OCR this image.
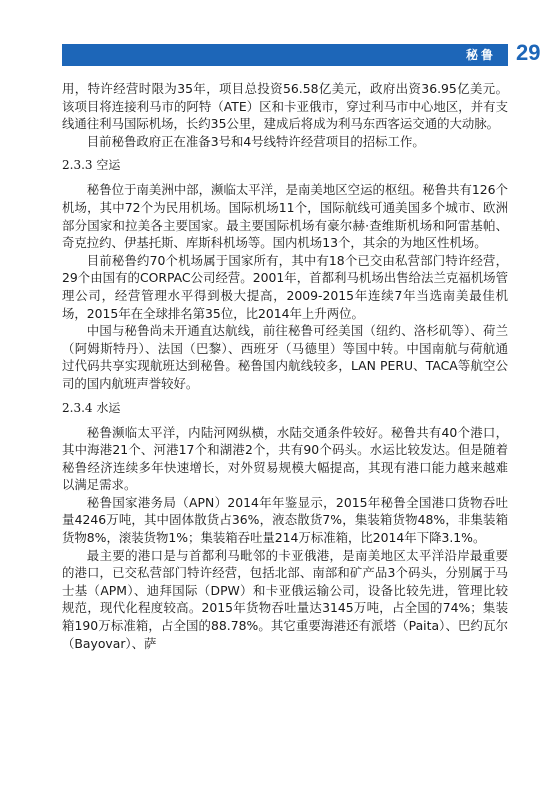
秘鲁 29

用，特许经营时限为35年，项目总投资56.58亿美元，政府出资36.95亿美元。该项目将连接利马市的阿特（ATE）区和卡亚俄市，穿过利马市中心地区，并有支线通往利马国际机场，长约35公里，建成后将成为利马东西客运交通的大动脉。

目前秘鲁政府正在准备3号和4号线特许经营项目的招标工作。

2.3.3 空运

秘鲁位于南美洲中部，濒临太平洋，是南美地区空运的枢纽。秘鲁共有126个机场，其中72个为民用机场。国际机场11个，国际航线可通美国多个城市、欧洲部分国家和拉美各主要国家。最主要国际机场有豪尔赫·查维斯机场和阿雷基帕、奇克拉约、伊基托斯、库斯科机场等。国内机场13个，其余的为地区性机场。

目前秘鲁约70个机场属于国家所有，其中有18个已交由私营部门特许经营，29个由国有的CORPAC公司经营。2001年，首都利马机场出售给法兰克福机场管理公司，经营管理水平得到极大提高，2009-2015年连续7年当选南美最佳机场，2015年在全球排名第35位，比2014年上升两位。

中国与秘鲁尚未开通直达航线，前往秘鲁可经美国（纽约、洛杉矶等）、荷兰（阿姆斯特丹）、法国（巴黎）、西班牙（马德里）等国中转。中国南航与荷航通过代码共享实现航班达到秘鲁。秘鲁国内航线较多，LAN PERU、TACA等航空公司的国内航班声誉较好。

2.3.4 水运

秘鲁濒临太平洋，内陆河网纵横，水陆交通条件较好。秘鲁共有40个港口，其中海港21个、河港17个和湖港2个，共有90个码头。水运比较发达。但是随着秘鲁经济连续多年快速增长，对外贸易规模大幅提高，其现有港口能力越来越难以满足需求。

秘鲁国家港务局（APN）2014年年鉴显示，2015年秘鲁全国港口货物吞吐量4246万吨，其中固体散货占36%，液态散货7%，集装箱货物48%，非集装箱货物8%，滚装货物1%；集装箱吞吐量214万标准箱，比2014年下降3.1%。

最主要的港口是与首都利马毗邻的卡亚俄港，是南美地区太平洋沿岸最重要的港口，已交私营部门特许经营，包括北部、南部和矿产品3个码头，分别属于马士基（APM）、迪拜国际（DPW）和卡亚俄运输公司，设备比较先进，管理比较规范，现代化程度较高。2015年货物吞吐量达3145万吨，占全国的74%；集装箱190万标准箱，占全国的88.78%。其它重要海港还有派塔（Paita）、巴约瓦尔（Bayovar）、萨
